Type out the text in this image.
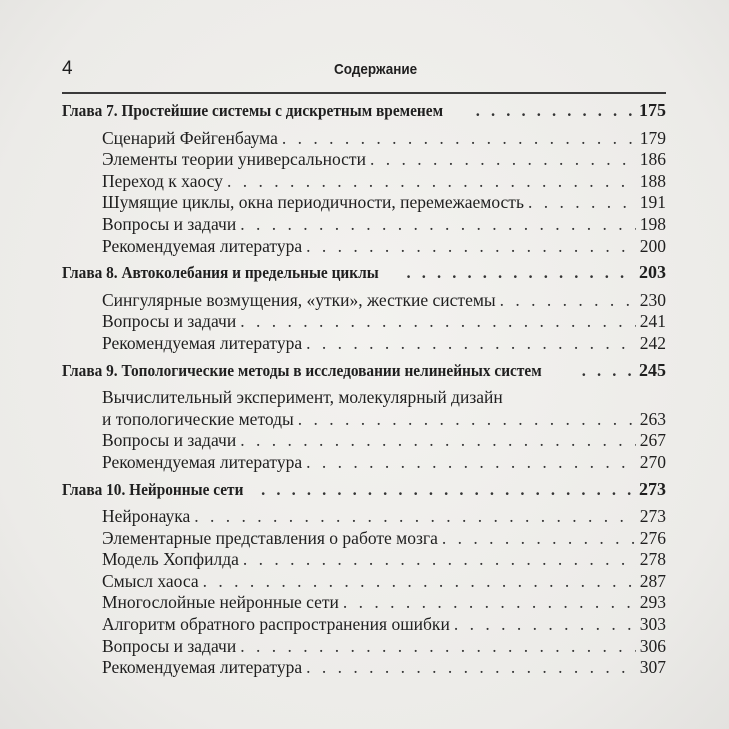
4	Содержание
Глава 7. Простейшие системы с дискретным временем . . .	175
Сценарий Фейгенбаума . . .	179
Элементы теории универсальности . . .	186
Переход к хаосу . . .	188
Шумящие циклы, окна периодичности, перемежаемость . . .	191
Вопросы и задачи . . .	198
Рекомендуемая литература . . .	200
Глава 8. Автоколебания и предельные циклы . . .	203
Сингулярные возмущения, «утки», жесткие системы . . .	230
Вопросы и задачи . . .	241
Рекомендуемая литература . . .	242
Глава 9. Топологические методы в исследовании нелинейных систем . . .	245
Вычислительный эксперимент, молекулярный дизайн
и топологические методы . . .	263
Вопросы и задачи . . .	267
Рекомендуемая литература . . .	270
Глава 10. Нейронные сети . . .	273
Нейронаука . . .	273
Элементарные представления о работе мозга . . .	276
Модель Хопфилда . . .	278
Смысл хаоса . . .	287
Многослойные нейронные сети . . .	293
Алгоритм обратного распространения ошибки . . .	303
Вопросы и задачи . . .	306
Рекомендуемая литература . . .	307
